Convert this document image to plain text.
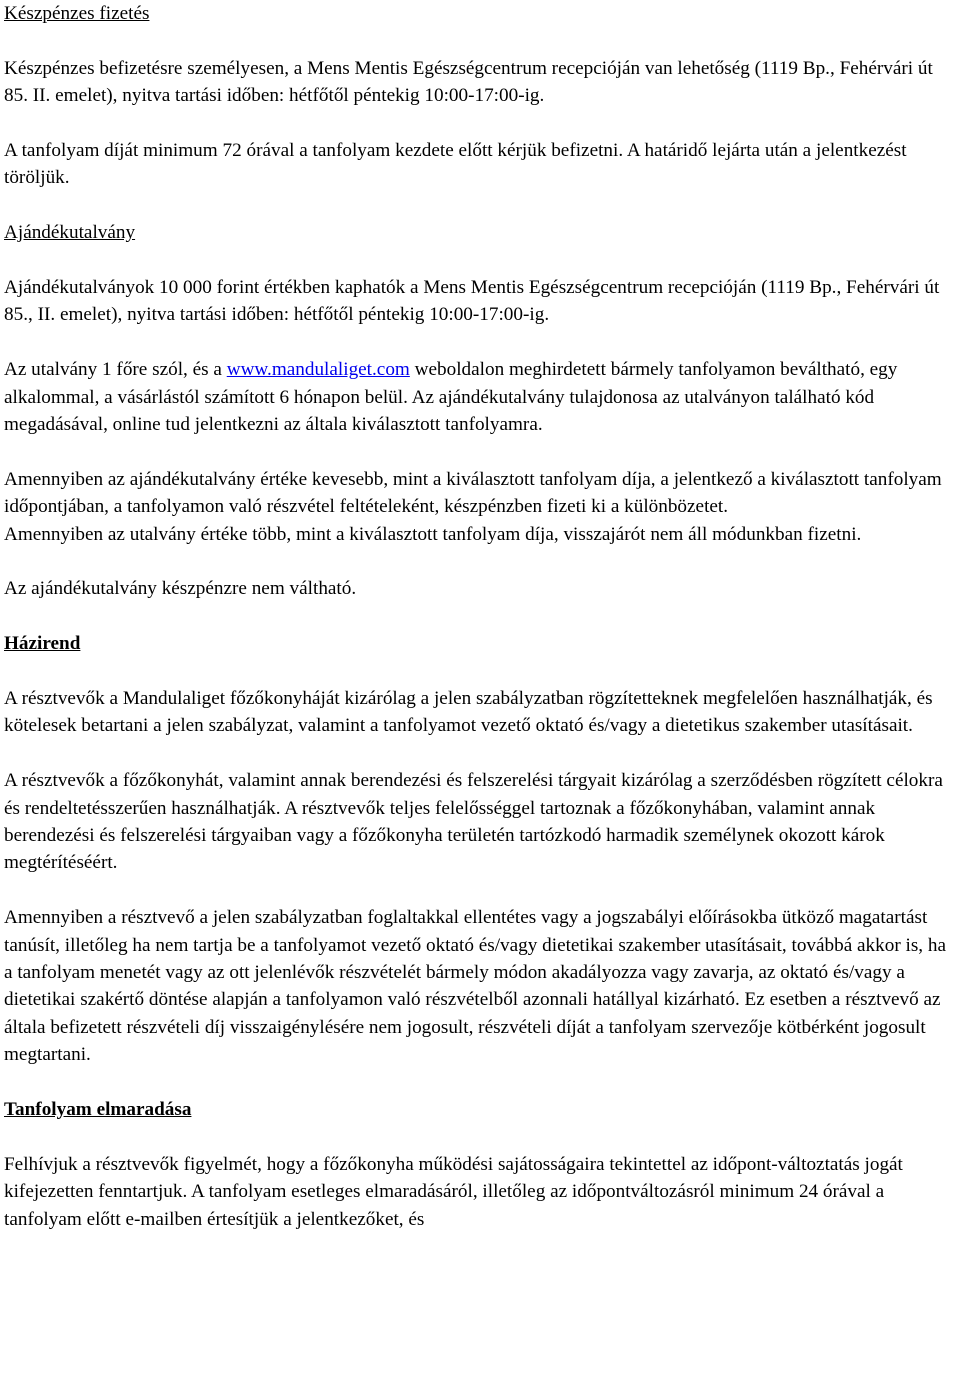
Készpénzes fizetés

Készpénzes befizetésre személyesen, a Mens Mentis Egészségcentrum recepcióján van lehetőség (1119 Bp., Fehérvári út 85. II. emelet), nyitva tartási időben: hétfőtől péntekig 10:00-17:00-ig.

A tanfolyam díját minimum 72 órával a tanfolyam kezdete előtt kérjük befizetni. A határidő lejárta után a jelentkezést töröljük.

Ajándékutalvány

Ajándékutalványok 10 000 forint értékben kaphatók a Mens Mentis Egészségcentrum recepcióján (1119 Bp., Fehérvári út 85., II. emelet), nyitva tartási időben: hétfőtől péntekig 10:00-17:00-ig.

Az utalvány 1 főre szól, és a www.mandulaliget.com weboldalon meghirdetett bármely tanfolyamon beváltható, egy alkalommal, a vásárlástól számított 6 hónapon belül. Az ajándékutalvány tulajdonosa az utalványon található kód megadásával, online tud jelentkezni az általa kiválasztott tanfolyamra.

Amennyiben az ajándékutalvány értéke kevesebb, mint a kiválasztott tanfolyam díja, a jelentkező a kiválasztott tanfolyam időpontjában, a tanfolyamon való részvétel feltételeként, készpénzben fizeti ki a különbözetet.

Amennyiben az utalvány értéke több, mint a kiválasztott tanfolyam díja, visszajárót nem áll módunkban fizetni.

Az ajándékutalvány készpénzre nem váltható.

Házirend

A résztvevők a Mandulaliget főzőkonyháját kizárólag a jelen szabályzatban rögzítetteknek megfelelően használhatják, és kötelesek betartani a jelen szabályzat, valamint a tanfolyamot vezető oktató és/vagy a dietetikus szakember utasításait.

A résztvevők a főzőkonyhát, valamint annak berendezési és felszerelési tárgyait kizárólag a szerződésben rögzített célokra és rendeltetésszerűen használhatják. A résztvevők teljes felelősséggel tartoznak a főzőkonyhában, valamint annak berendezési és felszerelési tárgyaiban vagy a főzőkonyha területén tartózkodó harmadik személynek okozott károk megtérítéséért.

Amennyiben a résztvevő a jelen szabályzatban foglaltakkal ellentétes vagy a jogszabályi előírásokba ütköző magatartást tanúsít, illetőleg ha nem tartja be a tanfolyamot vezető oktató és/vagy dietetikai szakember utasításait, továbbá akkor is, ha a tanfolyam menetét vagy az ott jelenlévők részvételét bármely módon akadályozza vagy zavarja, az oktató és/vagy a dietetikai szakértő döntése alapján a tanfolyamon való részvételből azonnali hatállyal kizárható. Ez esetben a résztvevő az általa befizetett részvételi díj visszaigénylésére nem jogosult, részvételi díját a tanfolyam szervezője kötbérként jogosult megtartani.

Tanfolyam elmaradása

Felhívjuk a résztvevők figyelmét, hogy a főzőkonyha működési sajátosságaira tekintettel az időpont-változtatás jogát kifejezetten fenntartjuk. A tanfolyam esetleges elmaradásáról, illetőleg az időpontváltozásról minimum 24 órával a tanfolyam előtt e-mailben értesítjük a jelentkezőket, és
